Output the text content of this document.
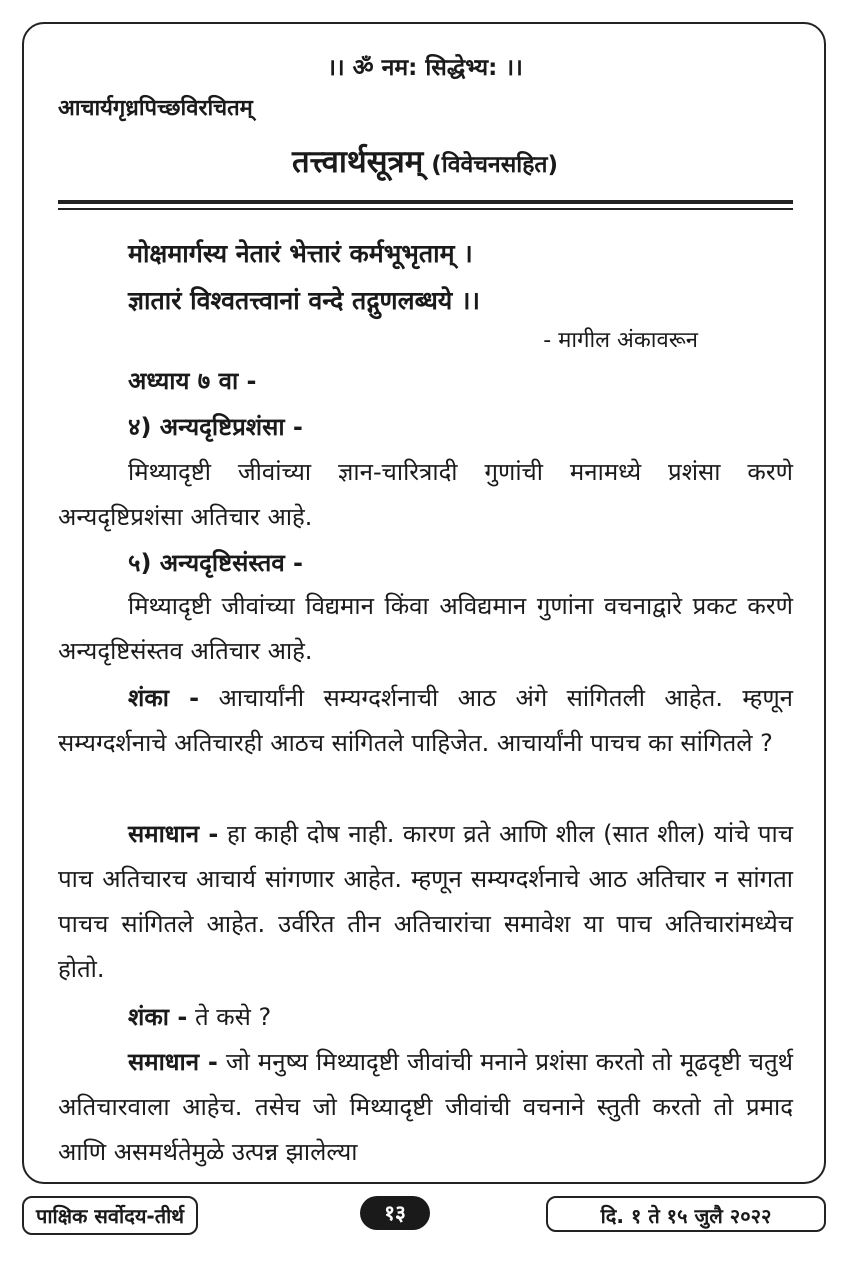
।। ॐ नम: सिद्धेभ्य: ।।
आचार्यगृध्रपिच्छविरचितम्
तत्त्वार्थसूत्रम् (विवेचनसहित)
मोक्षमार्गस्य नेतारं भेत्तारं कर्मभूभृताम् ।
ज्ञातारं विश्वतत्त्वानां वन्दे तद्गुणलब्धये ।।
- मागील अंकावरून
अध्याय ७ वा -
४) अन्यदृष्टिप्रशंसा -

मिथ्यादृष्टी जीवांच्या ज्ञान-चारित्रादी गुणांची मनामध्ये प्रशंसा करणे अन्यदृष्टिप्रशंसा अतिचार आहे.

५) अन्यदृष्टिसंस्तव -

मिथ्यादृष्टी जीवांच्या विद्यमान किंवा अविद्यमान गुणांना वचनाद्वारे प्रकट करणे अन्यदृष्टिसंस्तव अतिचार आहे.

शंका - आचार्यांनी सम्यग्दर्शनाची आठ अंगे सांगितली आहेत. म्हणून सम्यग्दर्शनाचे अतिचारही आठच सांगितले पाहिजेत. आचार्यांनी पाचच का सांगितले ?

समाधान - हा काही दोष नाही. कारण व्रते आणि शील (सात शील) यांचे पाच पाच अतिचारच आचार्य सांगणार आहेत. म्हणून सम्यग्दर्शनाचे आठ अतिचार न सांगता पाचच सांगितले आहेत. उर्वरित तीन अतिचारांचा समावेश या पाच अतिचारांमध्येच होतो.

शंका - ते कसे ?

समाधान - जो मनुष्य मिथ्यादृष्टी जीवांची मनाने प्रशंसा करतो तो मूढदृष्टी चतुर्थ अतिचारवाला आहेच. तसेच जो मिथ्यादृष्टी जीवांची वचनाने स्तुती करतो तो प्रमाद आणि असमर्थतेमुळे उत्पन्न झालेल्या

पाक्षिक सर्वोदय-तीर्थ	१३	दि. १ ते १५ जुलै २०२२
